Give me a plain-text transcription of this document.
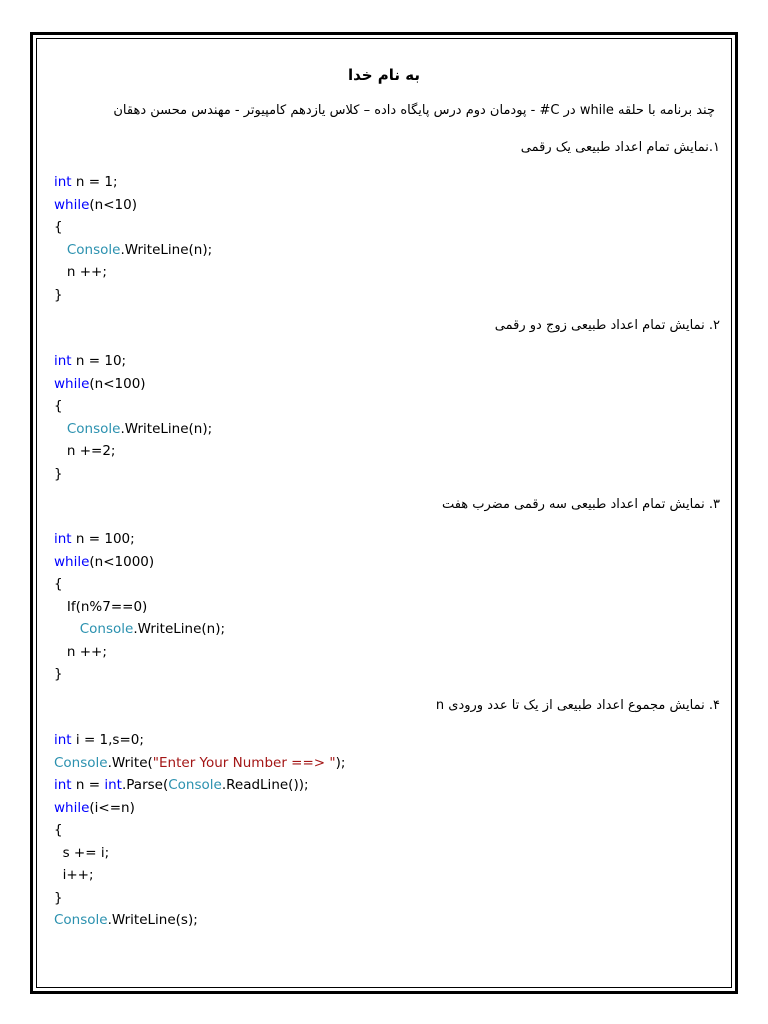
به نام خدا
چند برنامه با حلقه while در C# - پودمان دوم درس پایگاه داده – کلاس یازدهم کامپیوتر - مهندس محسن دهقان
۱.نمایش تمام اعداد طبیعی یک رقمی
int n = 1;
while(n<10)
{
Console.WriteLine(n);
n ++;
}
۲. نمایش تمام اعداد طبیعی زوج دو رقمی
int n = 10;
while(n<100)
{
Console.WriteLine(n);
n +=2;
}
۳. نمایش تمام اعداد طبیعی سه رقمی مضرب هفت
int n = 100;
while(n<1000)
{
If(n%7==0)
Console.WriteLine(n);
n ++;
}
۴. نمایش مجموع اعداد طبیعی از یک تا عدد ورودی n
int i = 1,s=0;
Console.Write("Enter Your Number ==> ");
int n = int.Parse(Console.ReadLine());
while(i<=n)
{
s += i;
i++;
}
Console.WriteLine(s);
